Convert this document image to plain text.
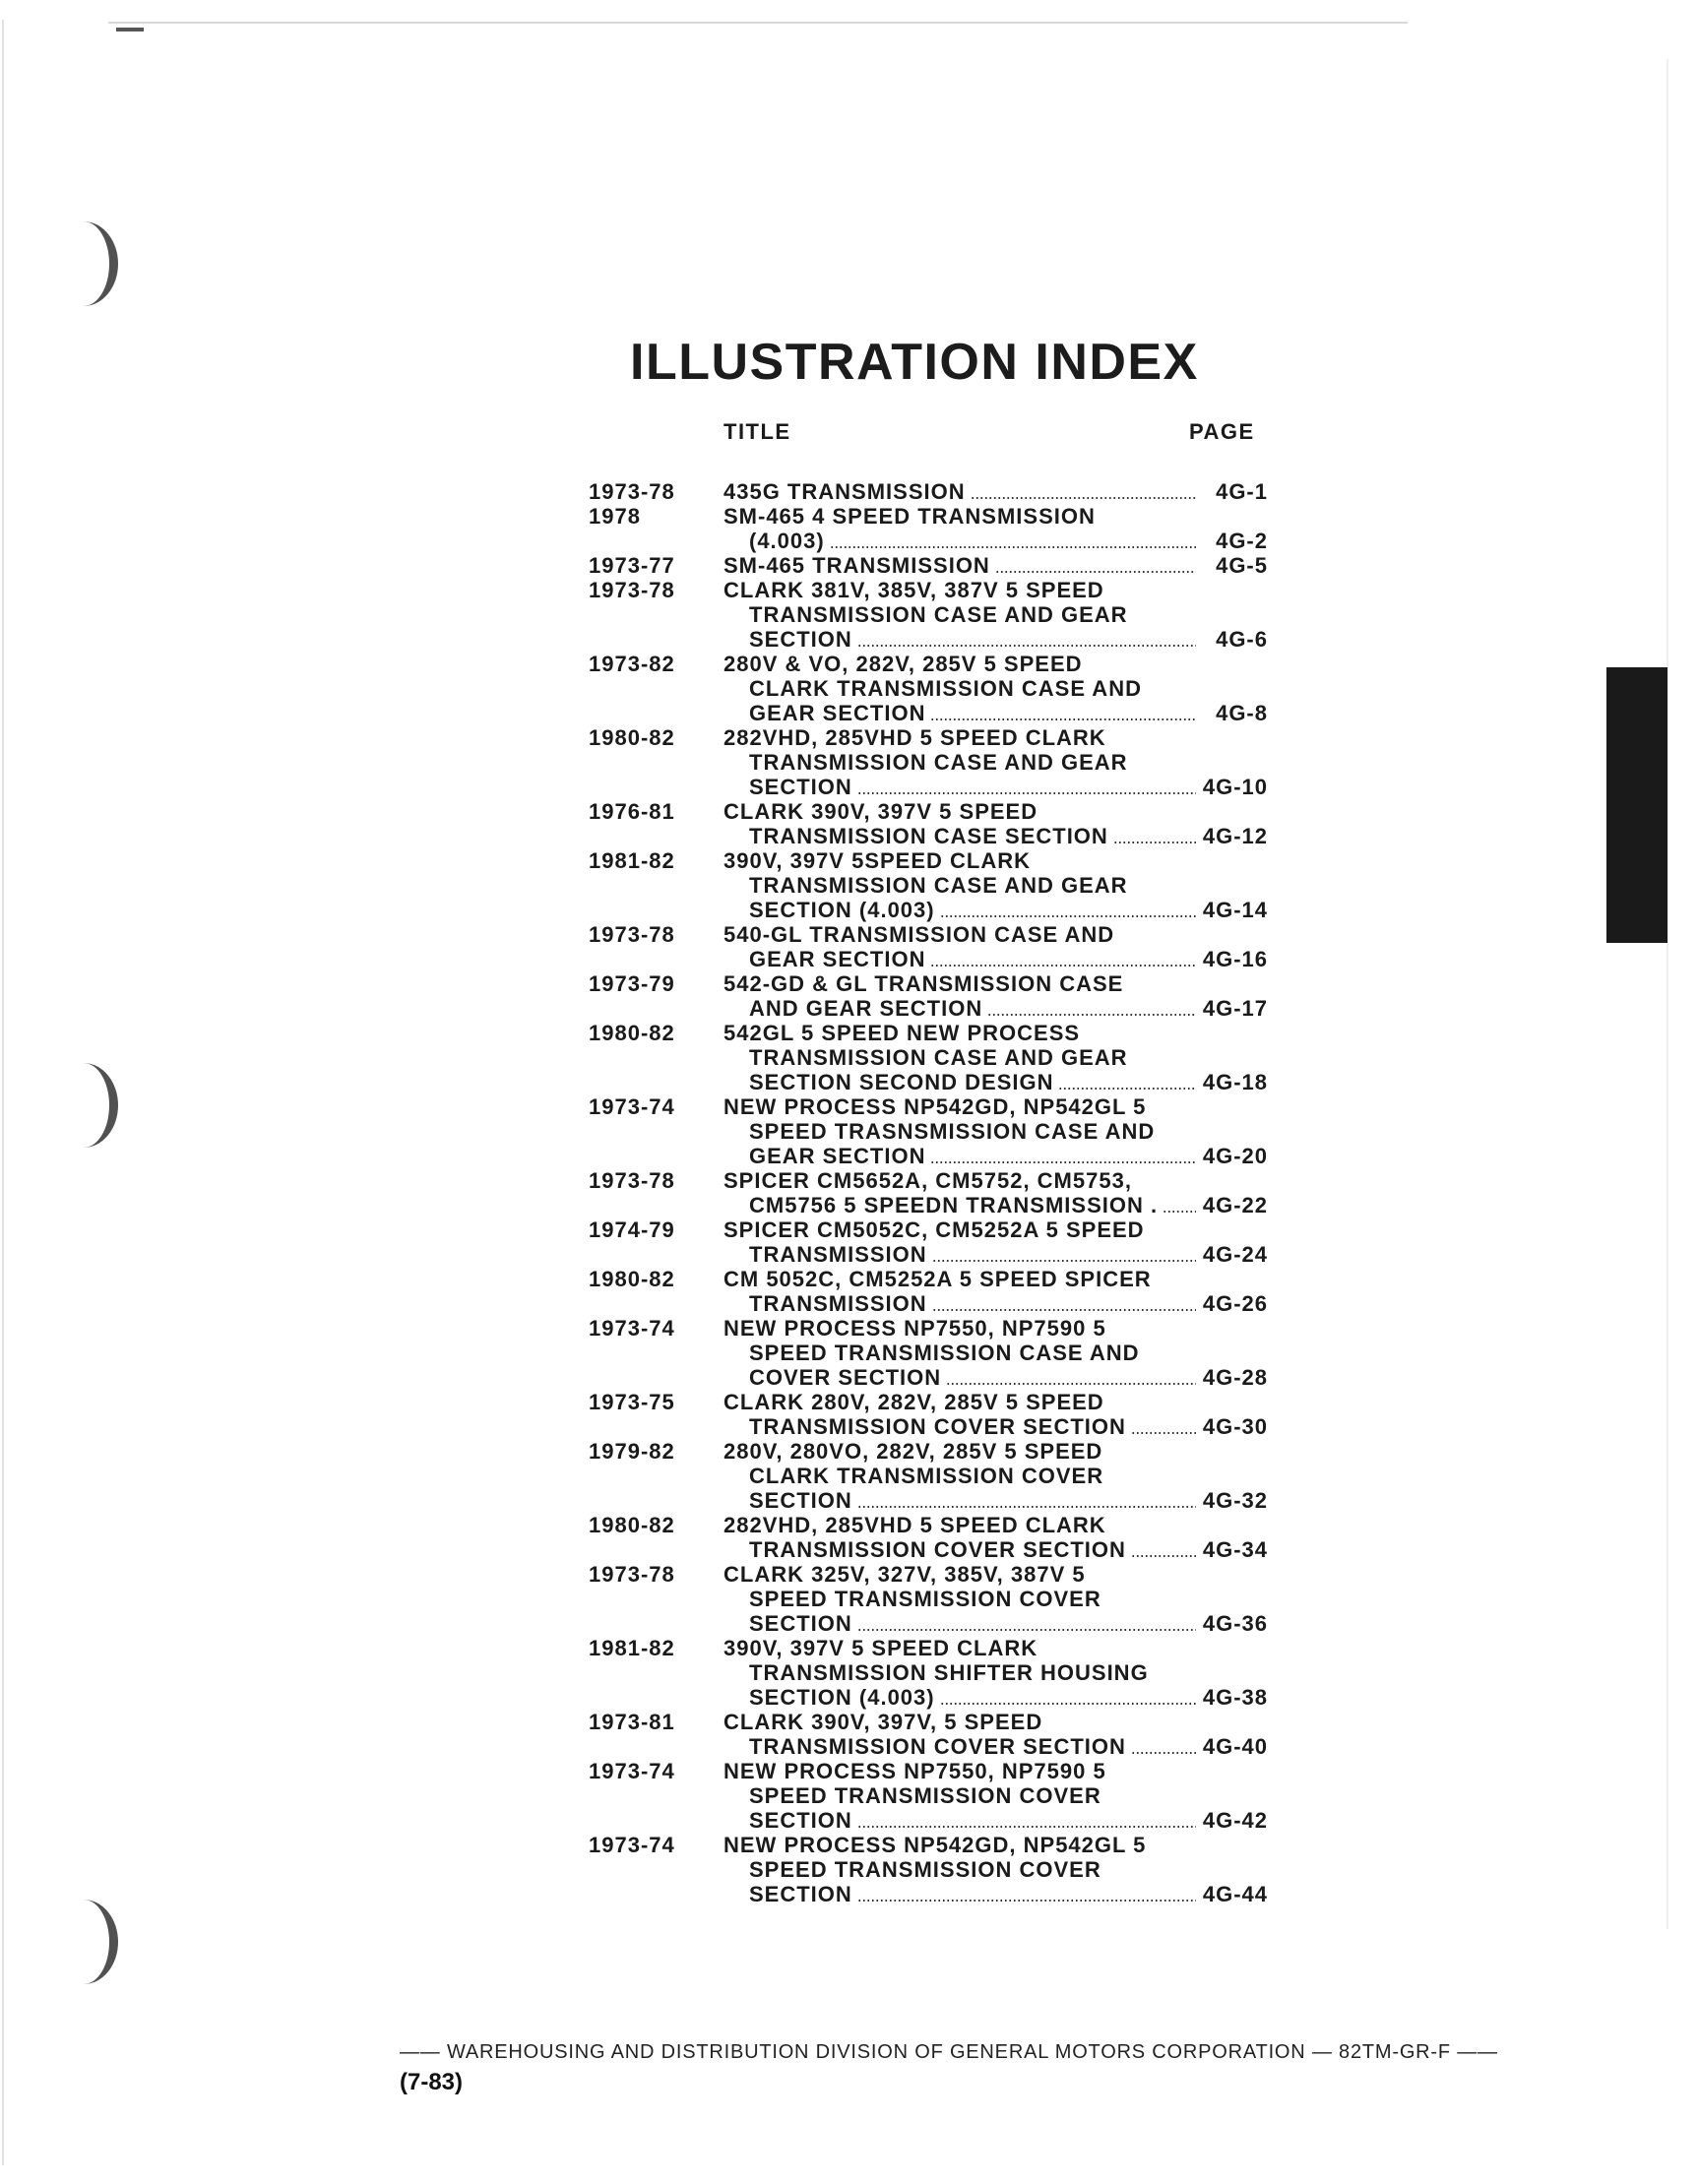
ILLUSTRATION INDEX
TITLE	PAGE
1973-78	435G TRANSMISSION	4G-1
1978	SM-465 4 SPEED TRANSMISSION
(4.003)	4G-2
1973-77	SM-465 TRANSMISSION	4G-5
1973-78	CLARK 381V, 385V, 387V 5 SPEED
TRANSMISSION CASE AND GEAR
SECTION	4G-6
1973-82	280V & VO, 282V, 285V 5 SPEED
CLARK TRANSMISSION CASE AND
GEAR SECTION	4G-8
1980-82	282VHD, 285VHD 5 SPEED CLARK
TRANSMISSION CASE AND GEAR
SECTION	4G-10
1976-81	CLARK 390V, 397V 5 SPEED
TRANSMISSION CASE SECTION	4G-12
1981-82	390V, 397V 5SPEED CLARK
TRANSMISSION CASE AND GEAR
SECTION (4.003)	4G-14
1973-78	540-GL TRANSMISSION CASE AND
GEAR SECTION	4G-16
1973-79	542-GD & GL TRANSMISSION CASE
AND GEAR SECTION	4G-17
1980-82	542GL 5 SPEED NEW PROCESS
TRANSMISSION CASE AND GEAR
SECTION SECOND DESIGN	4G-18
1973-74	NEW PROCESS NP542GD, NP542GL 5
SPEED TRASNSMISSION CASE AND
GEAR SECTION	4G-20
1973-78	SPICER CM5652A, CM5752, CM5753,
CM5756 5 SPEEDN TRANSMISSION . 4G-22
1974-79	SPICER CM5052C, CM5252A 5 SPEED
TRANSMISSION	4G-24
1980-82	CM 5052C, CM5252A 5 SPEED SPICER
TRANSMISSION	4G-26
1973-74	NEW PROCESS NP7550, NP7590 5
SPEED TRANSMISSION CASE AND
COVER SECTION	4G-28
1973-75	CLARK 280V, 282V, 285V 5 SPEED
TRANSMISSION COVER SECTION	4G-30
1979-82	280V, 280VO, 282V, 285V 5 SPEED
CLARK TRANSMISSION COVER
SECTION	4G-32
1980-82	282VHD, 285VHD 5 SPEED CLARK
TRANSMISSION COVER SECTION	4G-34
1973-78	CLARK 325V, 327V, 385V, 387V 5
SPEED TRANSMISSION COVER
SECTION	4G-36
1981-82	390V, 397V 5 SPEED CLARK
TRANSMISSION SHIFTER HOUSING
SECTION (4.003)	4G-38
1973-81	CLARK 390V, 397V, 5 SPEED
TRANSMISSION COVER SECTION	4G-40
1973-74	NEW PROCESS NP7550, NP7590 5
SPEED TRANSMISSION COVER
SECTION	4G-42
1973-74	NEW PROCESS NP542GD, NP542GL 5
SPEED TRANSMISSION COVER
SECTION	4G-44
—— WAREHOUSING AND DISTRIBUTION DIVISION OF GENERAL MOTORS CORPORATION — 82TM-GR-F ——
(7-83)
